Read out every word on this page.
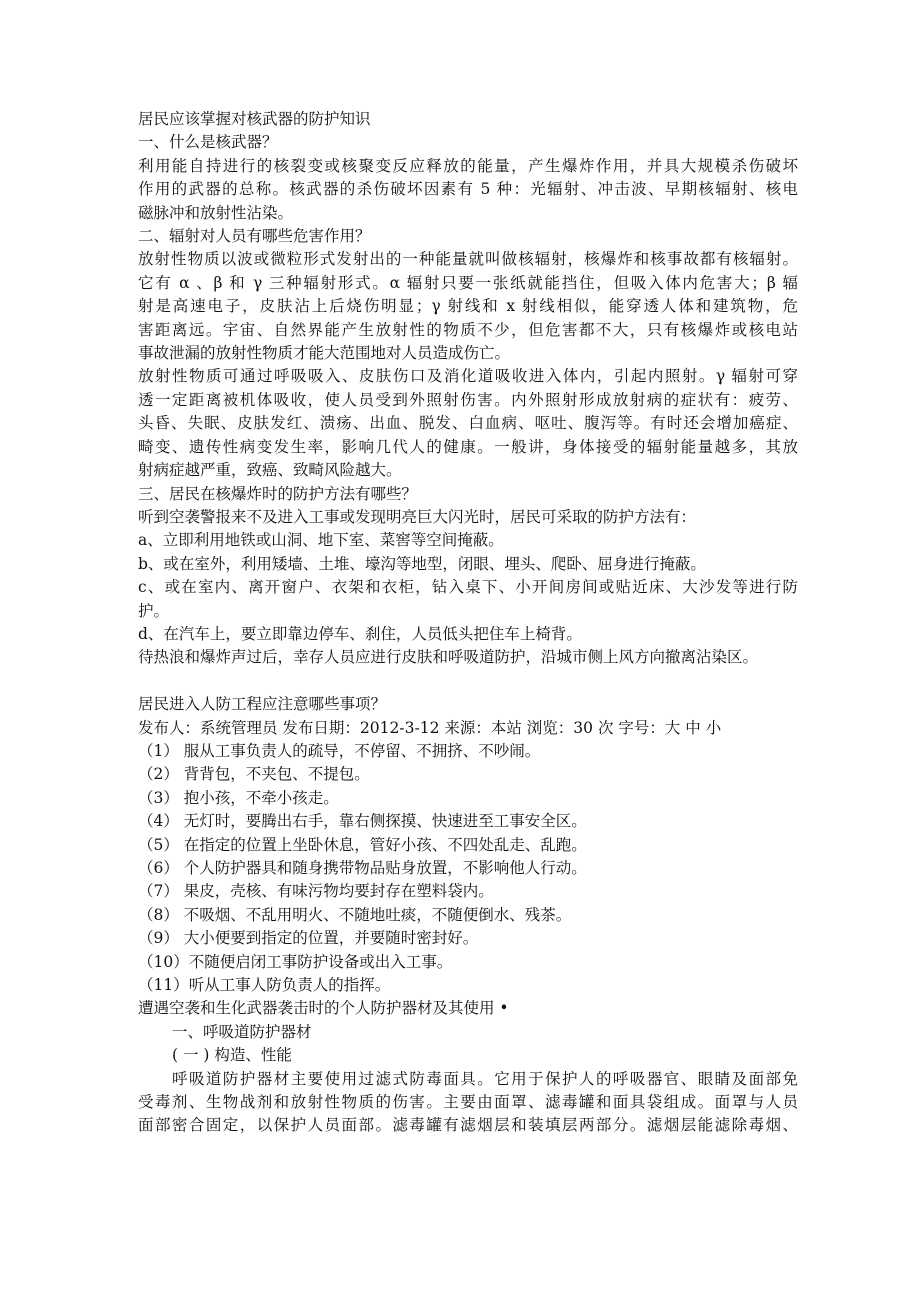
居民应该掌握对核武器的防护知识
一、什么是核武器？
利用能自持进行的核裂变或核聚变反应释放的能量，产生爆炸作用，并具大规模杀伤破坏
作用的武器的总称。核武器的杀伤破坏因素有 5 种：光辐射、冲击波、早期核辐射、核电
磁脉冲和放射性沾染。
二、辐射对人员有哪些危害作用？
放射性物质以波或微粒形式发射出的一种能量就叫做核辐射，核爆炸和核事故都有核辐射。
它有 α 、β 和 γ 三种辐射形式。α 辐射只要一张纸就能挡住，但吸入体内危害大；β 辐
射是高速电子，皮肤沾上后烧伤明显；γ 射线和 x 射线相似，能穿透人体和建筑物，危
害距离远。宇宙、自然界能产生放射性的物质不少，但危害都不大，只有核爆炸或核电站
事故泄漏的放射性物质才能大范围地对人员造成伤亡。
放射性物质可通过呼吸吸入、皮肤伤口及消化道吸收进入体内，引起内照射。γ 辐射可穿
透一定距离被机体吸收，使人员受到外照射伤害。内外照射形成放射病的症状有：疲劳、
头昏、失眠、皮肤发红、溃疡、出血、脱发、白血病、呕吐、腹泻等。有时还会增加癌症、
畸变、遗传性病变发生率，影响几代人的健康。一般讲，身体接受的辐射能量越多，其放
射病症越严重，致癌、致畸风险越大。
三、居民在核爆炸时的防护方法有哪些？
听到空袭警报来不及进入工事或发现明亮巨大闪光时，居民可采取的防护方法有：
a、立即利用地铁或山洞、地下室、菜窖等空间掩蔽。
b、或在室外，利用矮墙、土堆、壕沟等地型，闭眼、埋头、爬卧、屈身进行掩蔽。
c、或在室内、离开窗户、衣架和衣柜，钻入桌下、小开间房间或贴近床、大沙发等进行防
护。
d、在汽车上，要立即靠边停车、刹住，人员低头把住车上椅背。
待热浪和爆炸声过后，幸存人员应进行皮肤和呼吸道防护，沿城市侧上风方向撤离沾染区。
居民进入人防工程应注意哪些事项？
发布人：系统管理员 发布日期：2012-3-12 来源：本站 浏览：30 次 字号：大 中 小
（1） 服从工事负责人的疏导，不停留、不拥挤、不吵闹。
（2） 背背包，不夹包、不提包。
（3） 抱小孩，不牵小孩走。
（4） 无灯时，要腾出右手，靠右侧探摸、快速进至工事安全区。
（5） 在指定的位置上坐卧休息，管好小孩、不四处乱走、乱跑。
（6） 个人防护器具和随身携带物品贴身放置，不影响他人行动。
（7） 果皮，壳核、有味污物均要封存在塑料袋内。
（8） 不吸烟、不乱用明火、不随地吐痰，不随便倒水、残茶。
（9） 大小便要到指定的位置，并要随时密封好。
（10）不随便启闭工事防护设备或出入工事。
（11）听从工事人防负责人的指挥。
遭遇空袭和生化武器袭击时的个人防护器材及其使用 •
一、呼吸道防护器材
( 一 ) 构造、性能
呼吸道防护器材主要使用过滤式防毒面具。它用于保护人的呼吸器官、眼睛及面部免
受毒剂、生物战剂和放射性物质的伤害。主要由面罩、滤毒罐和面具袋组成。面罩与人员
面部密合固定，以保护人员面部。滤毒罐有滤烟层和装填层两部分。滤烟层能滤除毒烟、
